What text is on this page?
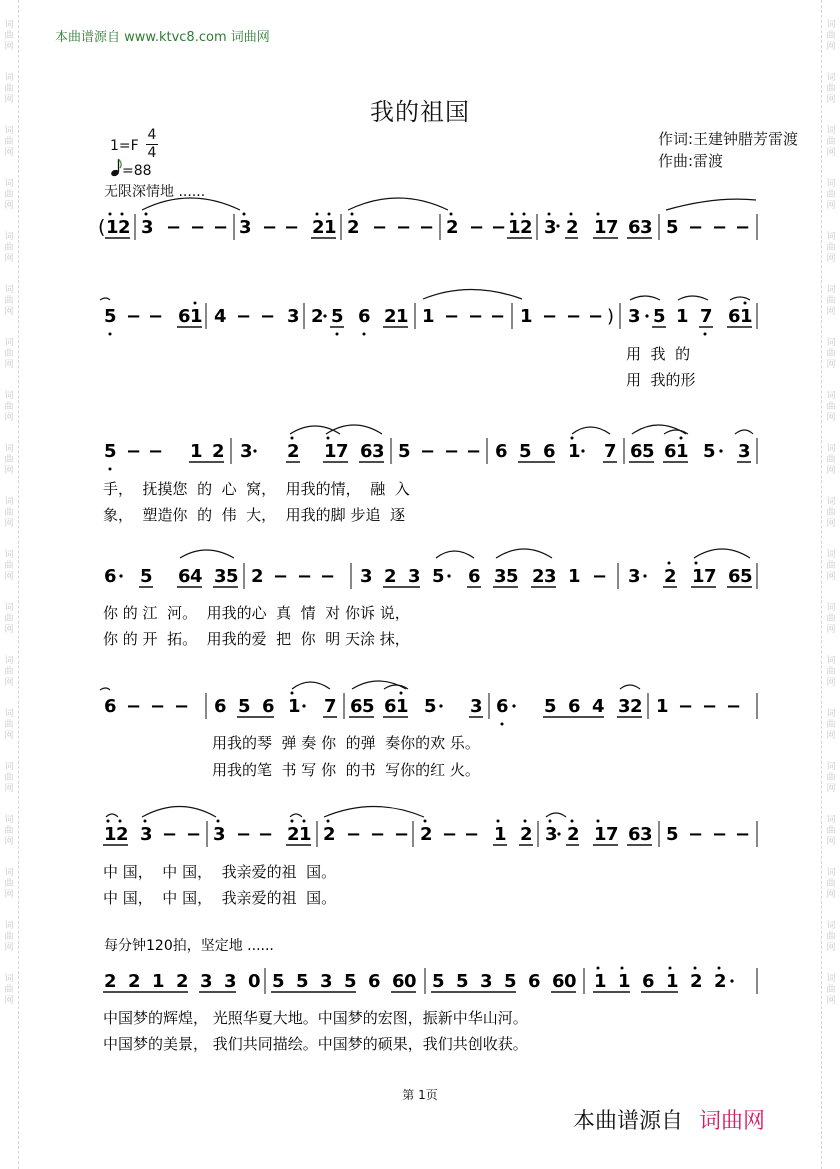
词
曲
网
词
曲
网
词
曲
网
词
曲
网
词
曲
网
词
曲
网
词
曲
网
词
曲
网
词
曲
网
词
曲
网
词
曲
网
词
曲
网
词
曲
网
词
曲
网
词
曲
网
词
曲
网
词
曲
网
词
曲
网
词
曲
网
词
曲
网
词
曲
网
词
曲
网
词
曲
网
词
曲
网
词
曲
网
词
曲
网
词
曲
网
词
曲
网
词
曲
网
词
曲
网
词
曲
网
词
曲
网
词
曲
网
词
曲
网
词
曲
网
词
曲
网
词
曲
网
词
曲
网
本曲谱源自 www.ktvc8.com 词曲网
我的祖国
作词:王建钟腊芳雷渡
作曲:雷渡
1=F
4
4
=88
无限深情地 ......
( 1 2 3 − − − 3 − − 2 1 2 − − − 2 − − 1 2 3 2 1 7 6 3 5 − − −
5 − − 6 1 4 − − 3 2 5 6 2 1 1 − − − 1 − − − ) 3 5 1 7 6 1
用  我  的
用  我的形
5 − − 1 2 3 2 1 7 6 3 5 − − − 6 5 6 1 7 6 5 6 1 5 3
手，  抚摸您  的  心  窝，  用我的情，  融  入
象，  塑造你  的  伟  大，  用我的脚 步追  逐
6 5 6 4 3 5 2 − − − 3 2 3 5 6 3 5 2 3 1 − 3 2 1 7 6 5
你 的 江  河。  用我的心  真  情  对 你诉 说，
你 的 开  拓。  用我的爱  把  你  明 天涂 抹，
6 − − − 6 5 6 1 7 6 5 6 1 5 3 6 5 6 4 3 2 1 − − −
用我的琴  弹 奏 你  的弹  奏你的欢 乐。
用我的笔  书 写 你  的书  写你的红 火。
1 2 3 − − 3 − − 2 1 2 − − − 2 − − 1 2 3 2 1 7 6 3 5 − − −
中 国，  中 国，  我亲爱的祖  国。
中 国，  中 国，  我亲爱的祖  国。
每分钟120拍，坚定地 ......
2 2 1 2 3 3 0 5 5 3 5 6 6 0 5 5 3 5 6 6 0 1 1 6 1 2 2
中国梦的辉煌， 光照华夏大地。中国梦的宏图，振新中华山河。
中国梦的美景， 我们共同描绘。中国梦的硕果，我们共创收获。
第 1页
本曲谱源自 词曲网
